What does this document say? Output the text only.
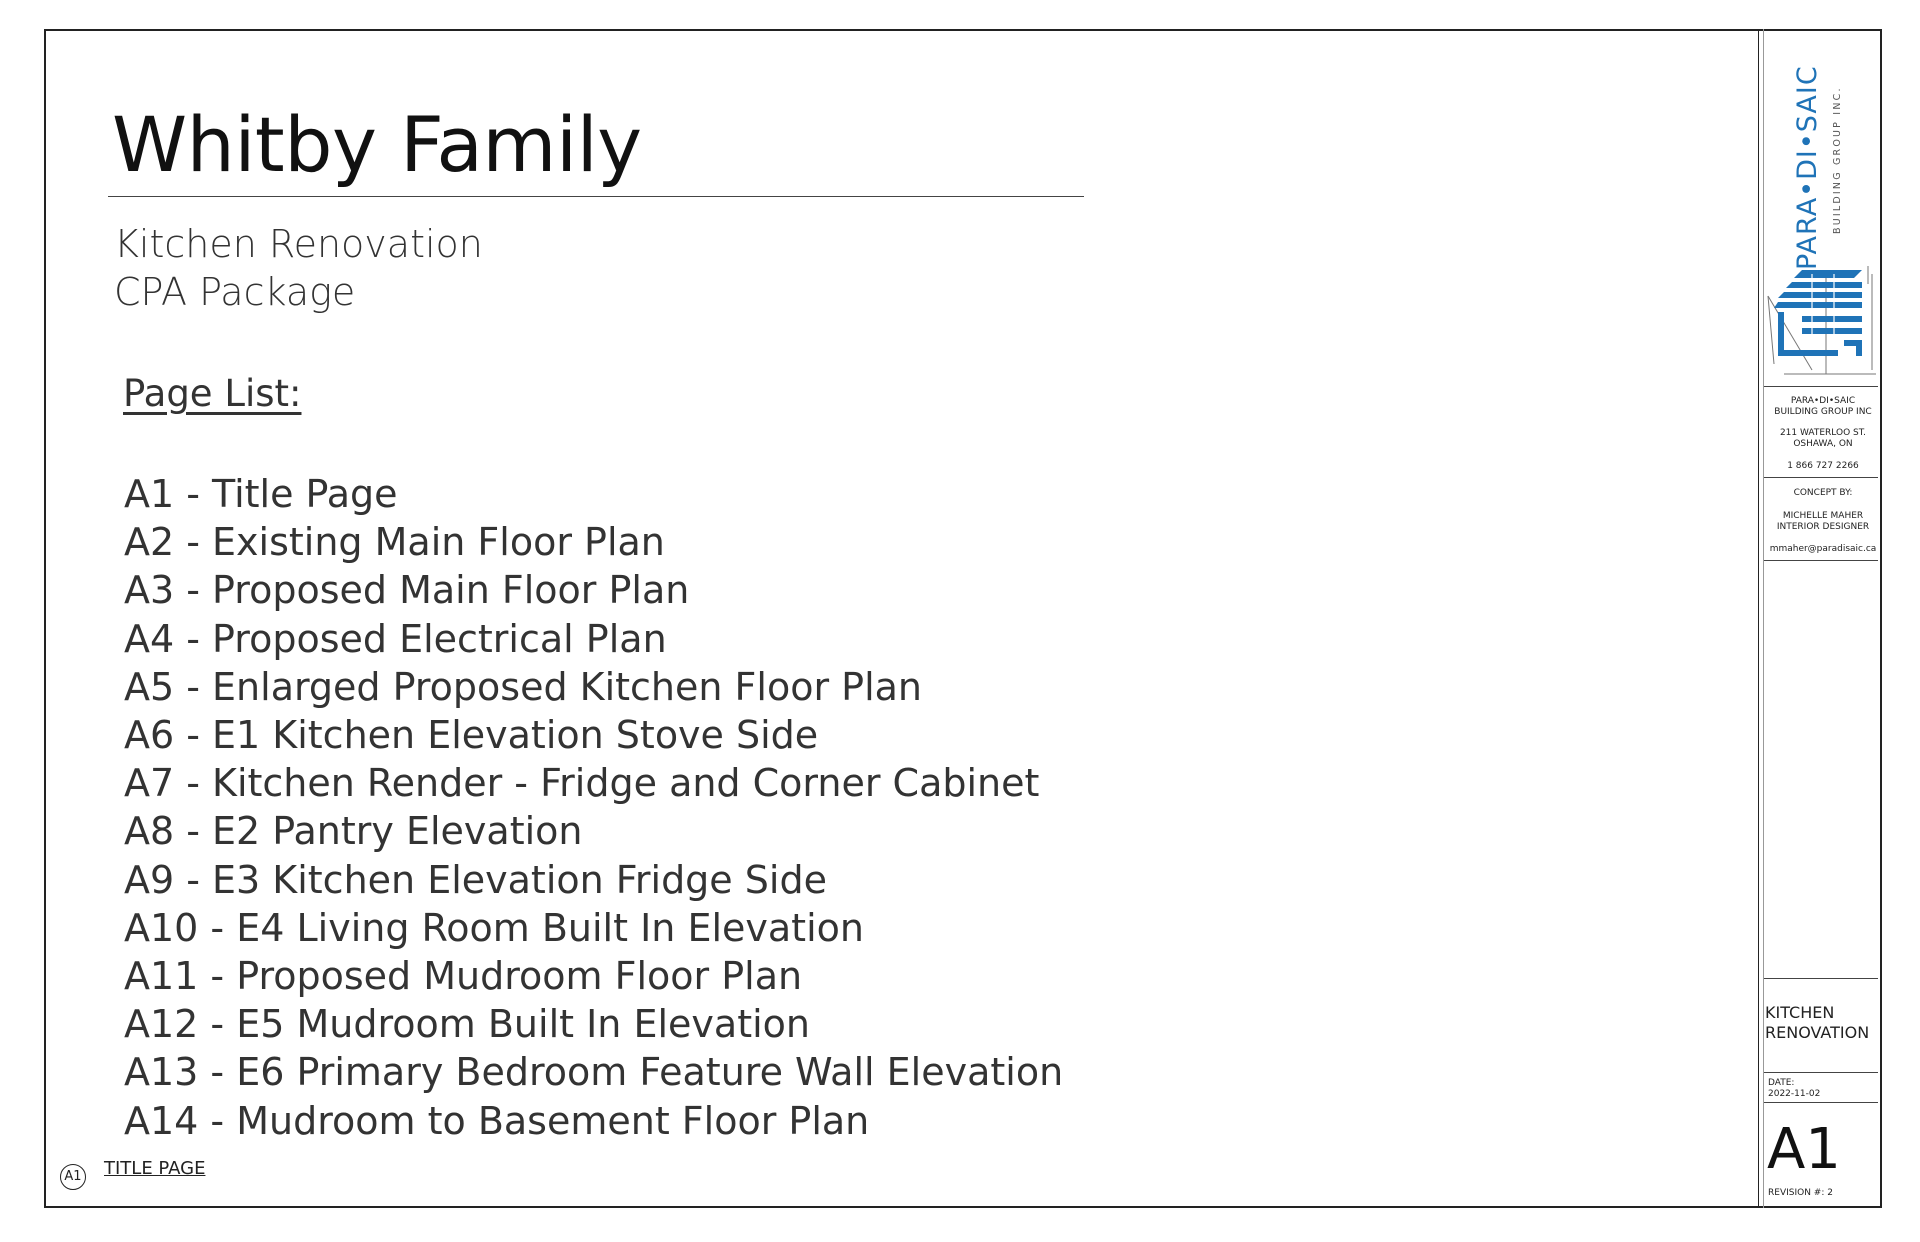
Whitby Family
Kitchen Renovation
CPA Package
Page List:
A1 - Title Page
A2 - Existing Main Floor Plan
A3 - Proposed Main Floor Plan
A4 - Proposed Electrical Plan
A5 - Enlarged Proposed Kitchen Floor Plan
A6 - E1 Kitchen Elevation Stove Side
A7 - Kitchen Render - Fridge and Corner Cabinet
A8 - E2 Pantry Elevation
A9 - E3 Kitchen Elevation Fridge Side
A10 - E4 Living Room Built In Elevation
A11 - Proposed Mudroom Floor Plan
A12 - E5 Mudroom Built In Elevation
A13 - E6 Primary Bedroom Feature Wall Elevation
A14 - Mudroom to Basement Floor Plan
A1 TITLE PAGE
PARA•DI•SAIC BUILDING GROUP INC.
PARA•DI•SAIC
BUILDING GROUP INC
211 WATERLOO ST.
OSHAWA, ON
1 866 727 2266
CONCEPT BY:
MICHELLE MAHER
INTERIOR DESIGNER
mmaher@paradisaic.ca
KITCHEN
RENOVATION
DATE:
2022-11-02
A1
REVISION #: 2
